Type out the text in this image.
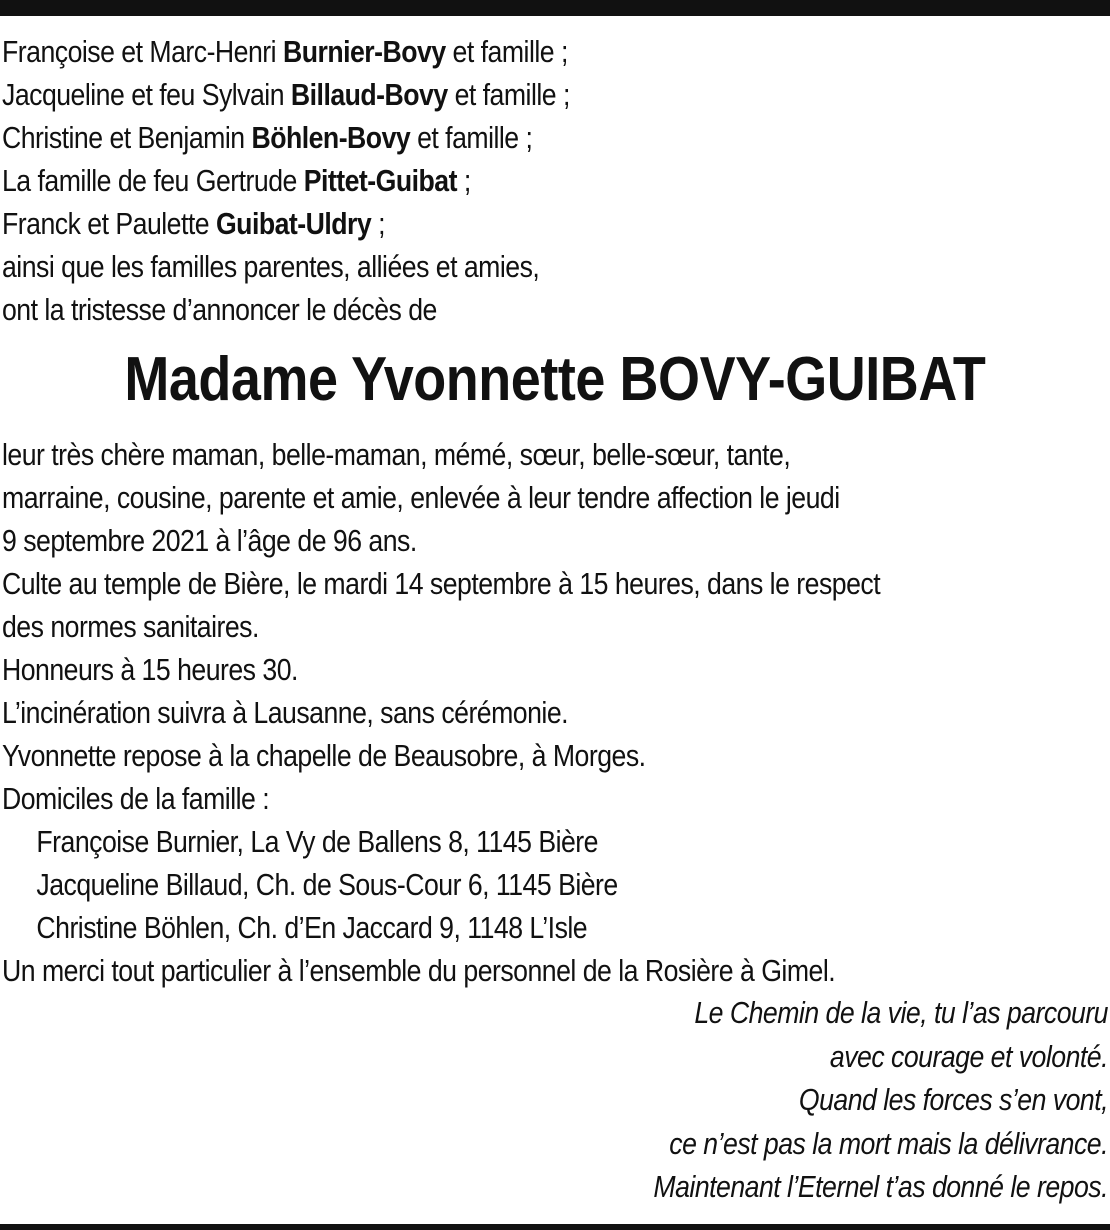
Françoise et Marc-Henri Burnier-Bovy et famille ;
Jacqueline et feu Sylvain Billaud-Bovy et famille ;
Christine et Benjamin Böhlen-Bovy et famille ;
La famille de feu Gertrude Pittet-Guibat ;
Franck et Paulette Guibat-Uldry ;
ainsi que les familles parentes, alliées et amies,
ont la tristesse d’annoncer le décès de
Madame Yvonnette BOVY-GUIBAT
leur très chère maman, belle-maman, mémé, sœur, belle-sœur, tante,
marraine, cousine, parente et amie, enlevée à leur tendre affection le jeudi
9 septembre 2021 à l’âge de 96 ans.
Culte au temple de Bière, le mardi 14 septembre à 15 heures, dans le respect
des normes sanitaires.
Honneurs à 15 heures 30.
L’incinération suivra à Lausanne, sans cérémonie.
Yvonnette repose à la chapelle de Beausobre, à Morges.
Domiciles de la famille :
Françoise Burnier, La Vy de Ballens 8, 1145 Bière
Jacqueline Billaud, Ch. de Sous-Cour 6, 1145 Bière
Christine Böhlen, Ch. d’En Jaccard 9, 1148 L’Isle
Un merci tout particulier à l’ensemble du personnel de la Rosière à Gimel.
Le Chemin de la vie, tu l’as parcouru
avec courage et volonté.
Quand les forces s’en vont,
ce n’est pas la mort mais la délivrance.
Maintenant l’Eternel t’as donné le repos.
